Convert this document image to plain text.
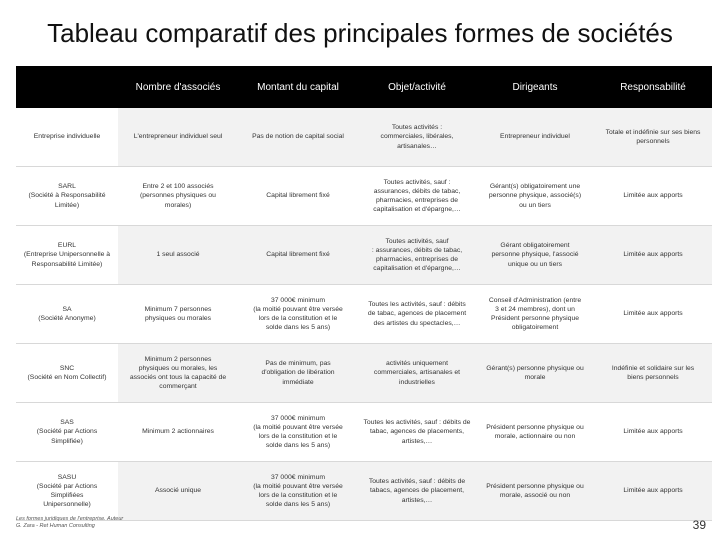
Tableau comparatif des principales formes de sociétés
	Nombre d'associés	Montant du capital	Objet/activité	Dirigeants	Responsabilité
Entreprise individuelle	L'entrepreneur individuel seul	Pas de notion de capital social	Toutes activités :
commerciales, libérales,
artisanales…	Entrepreneur individuel	Totale et indéfinie sur ses biens
personnels
SARL
(Société à Responsabilité
Limitée)	Entre 2 et 100 associés
(personnes physiques ou
morales)	Capital librement fixé	Toutes activités, sauf :
assurances, débits de tabac,
pharmacies, entreprises de
capitalisation et d'épargne,…	Gérant(s) obligatoirement une
personne physique, associé(s)
ou un tiers	Limitée aux apports
EURL
(Entreprise Unipersonnelle à
Responsabilité Limitée)	1 seul associé	Capital librement fixé	Toutes activités, sauf
: assurances, débits de tabac,
pharmacies, entreprises de
capitalisation et d'épargne,…	Gérant obligatoirement
personne physique, l'associé
unique ou un tiers	Limitée aux apports
SA
(Société Anonyme)	Minimum 7 personnes
physiques ou morales	37 000€ minimum
(la moitié pouvant être versée
lors de la constitution et le
solde dans les 5 ans)	Toutes les activités, sauf : débits
de tabac, agences de placement
des artistes du spectacles,…	Conseil d'Administration (entre
3 et 24 membres), dont un
Président personne physique
obligatoirement	Limitée aux apports
SNC
(Société en Nom Collectif)	Minimum 2 personnes
physiques ou morales, les
associés ont tous la capacité de
commerçant	Pas de minimum, pas
d'obligation de libération
immédiate	activités uniquement
commerciales, artisanales et
industrielles	Gérant(s) personne physique ou
morale	Indéfinie et solidaire sur les
biens personnels
SAS
(Société par Actions Simplifiée)	Minimum 2 actionnaires	37 000€ minimum
(la moitié pouvant être versée
lors de la constitution et le
solde dans les 5 ans)	Toutes les activités, sauf : débits de
tabac, agences de placements,
artistes,…	Président personne physique ou
morale, actionnaire ou non	Limitée aux apports
SASU
(Société par Actions Simplifiées
Unipersonnelle)	Associé unique	37 000€ minimum
(la moitié pouvant être versée
lors de la constitution et le
solde dans les 5 ans)	Toutes activités, sauf : débits de
tabacs, agences de placement,
artistes,…	Président personne physique ou
morale, associé ou non	Limitée aux apports
Les formes juridiques de l'entreprise. Auteur
G. Zara - Ret Human Consulting	39
